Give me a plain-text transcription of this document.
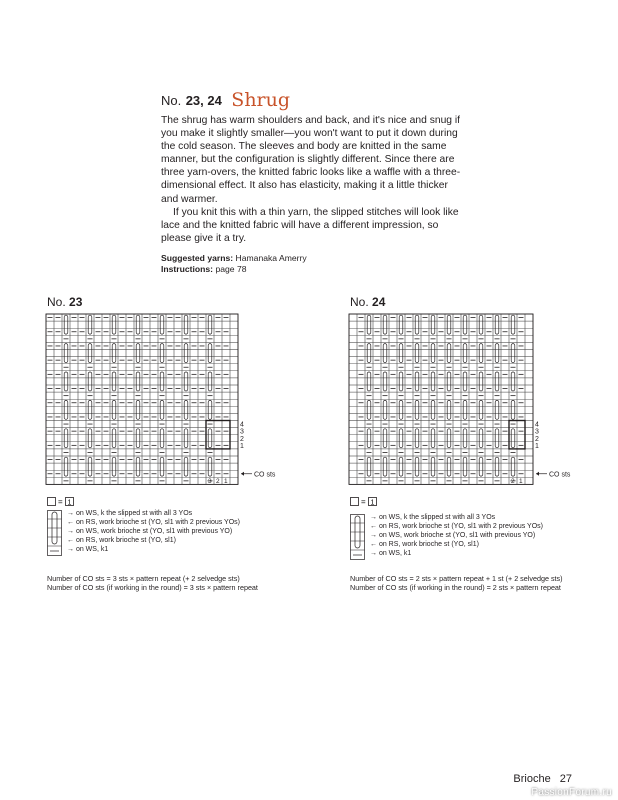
No. 23, 24 Shrug

The shrug has warm shoulders and back, and it's nice and snug if you make it slightly smaller—you won't want to put it down during the cold season. The sleeves and body are knitted in the same manner, but the configuration is slightly different. Since there are three yarn-overs, the knitted fabric looks like a waffle with a three-dimensional effect. It also has elasticity, making it a little thicker and warmer.

If you knit this with a thin yarn, the slipped stitches will look like lace and the knitted fabric will have a different impression, so please give it a try.

Suggested yarns: Hamanaka Amerry
Instructions: page 78
No. 23
4
3
2
1
3 2 1
CO sts
= 1
→ on WS, k the slipped st with all 3 YOs
← on RS, work brioche st (YO, sl1 with 2 previous YOs)
→ on WS, work brioche st (YO, sl1 with previous YO)
← on RS, work brioche st (YO, sl1)
→ on WS, k1
Number of CO sts = 3 sts × pattern repeat (+ 2 selvedge sts)
Number of CO sts (if working in the round) = 3 sts × pattern repeat
No. 24
4
3
2
1
2 1
CO sts
= 1
→ on WS, k the slipped st with all 3 YOs
← on RS, work brioche st (YO, sl1 with 2 previous YOs)
→ on WS, work brioche st (YO, sl1 with previous YO)
← on RS, work brioche st (YO, sl1)
→ on WS, k1
Number of CO sts = 2 sts × pattern repeat + 1 st (+ 2 selvedge sts)
Number of CO sts (if working in the round) = 2 sts × pattern repeat
Brioche 27
PassionForum.ru
